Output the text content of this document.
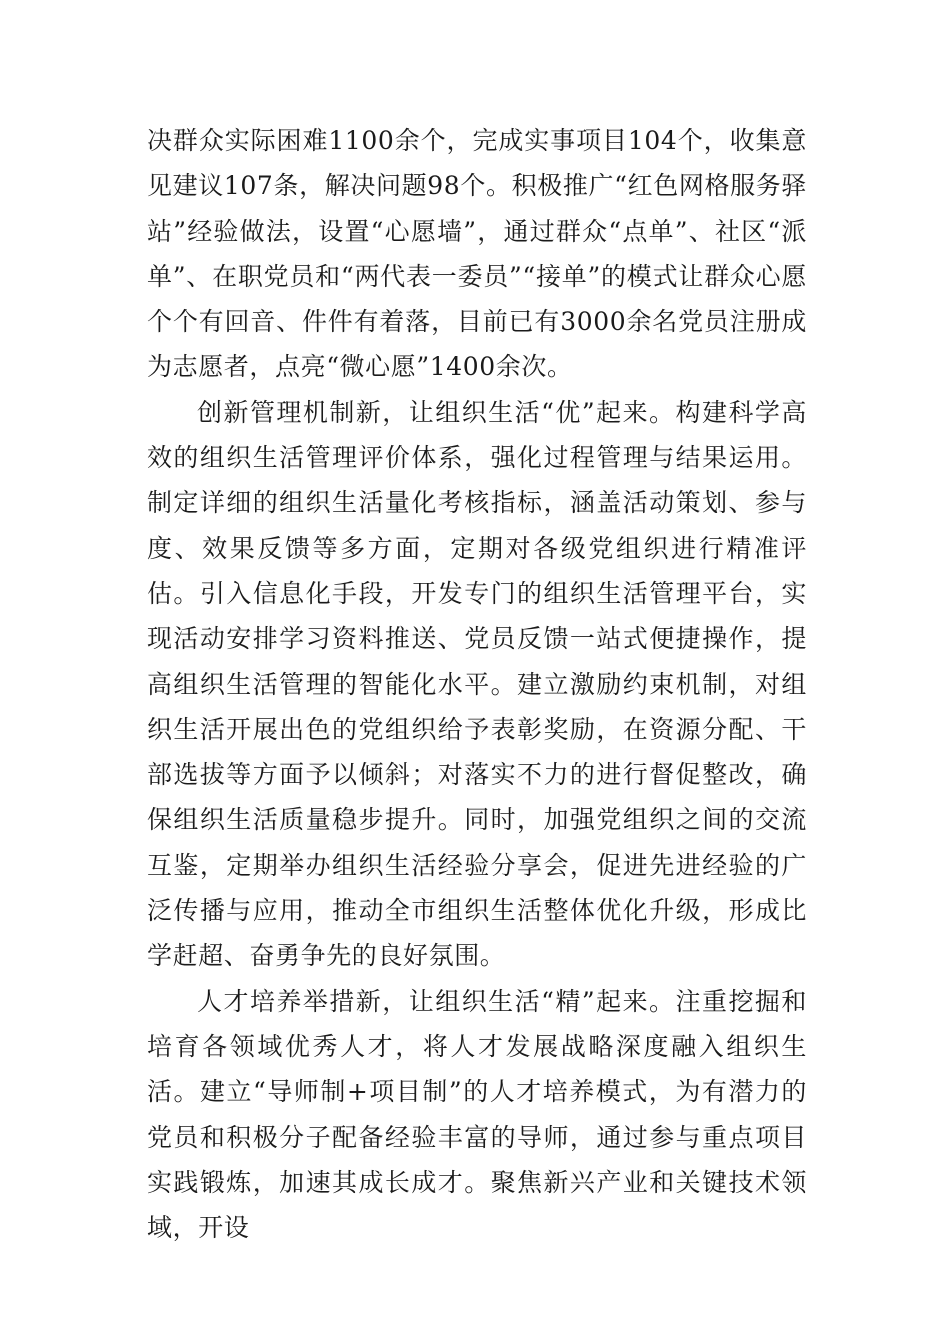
决群众实际困难1100余个，完成实事项目104个，收集意见建议107条，解决问题98个。积极推广“红色网格服务驿站”经验做法，设置“心愿墙”，通过群众“点单”、社区“派单”、在职党员和“两代表一委员”“接单”的模式让群众心愿个个有回音、件件有着落，目前已有3000余名党员注册成为志愿者，点亮“微心愿”1400余次。

创新管理机制新，让组织生活“优”起来。构建科学高效的组织生活管理评价体系，强化过程管理与结果运用。制定详细的组织生活量化考核指标，涵盖活动策划、参与度、效果反馈等多方面，定期对各级党组织进行精准评估。引入信息化手段，开发专门的组织生活管理平台，实现活动安排学习资料推送、党员反馈一站式便捷操作，提高组织生活管理的智能化水平。建立激励约束机制，对组织生活开展出色的党组织给予表彰奖励，在资源分配、干部选拔等方面予以倾斜；对落实不力的进行督促整改，确保组织生活质量稳步提升。同时，加强党组织之间的交流互鉴，定期举办组织生活经验分享会，促进先进经验的广泛传播与应用，推动全市组织生活整体优化升级，形成比学赶超、奋勇争先的良好氛围。

人才培养举措新，让组织生活“精”起来。注重挖掘和培育各领域优秀人才，将人才发展战略深度融入组织生活。建立“导师制+项目制”的人才培养模式，为有潜力的党员和积极分子配备经验丰富的导师，通过参与重点项目实践锻炼，加速其成长成才。聚焦新兴产业和关键技术领域，开设
